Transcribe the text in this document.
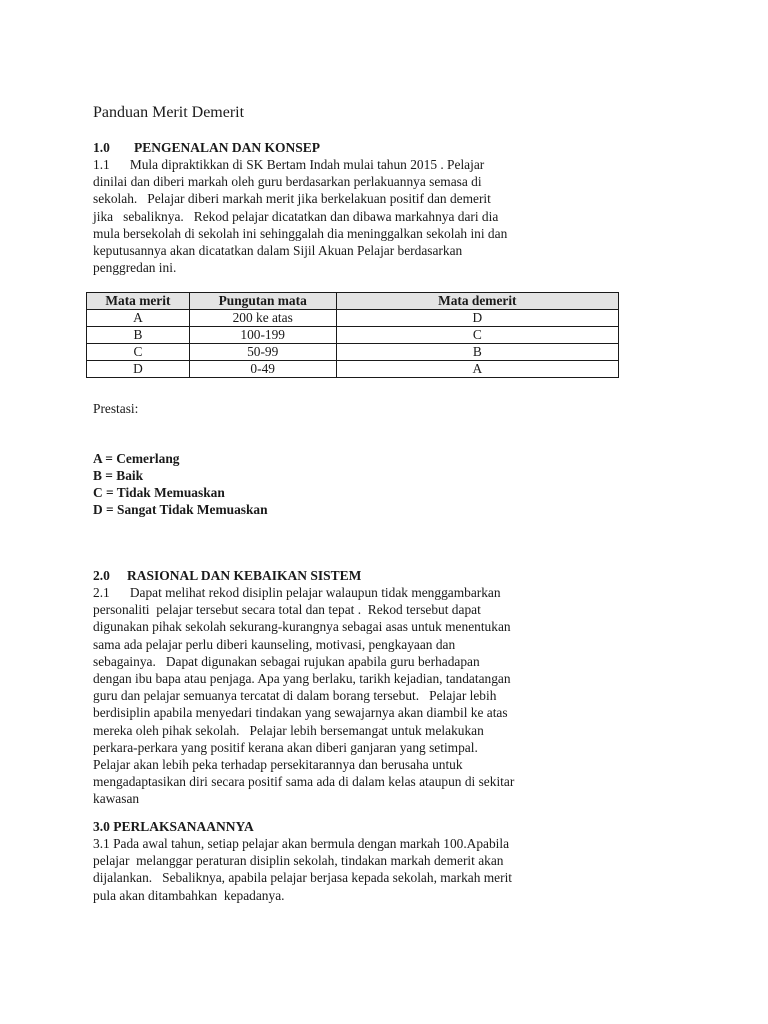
Panduan Merit Demerit
1.0 PENGENALAN DAN KONSEP
1.1      Mula dipraktikkan di SK Bertam Indah mulai tahun 2015 . Pelajar
dinilai dan diberi markah oleh guru berdasarkan perlakuannya semasa di
sekolah.   Pelajar diberi markah merit jika berkelakuan positif dan demerit
jika   sebaliknya.   Rekod pelajar dicatatkan dan dibawa markahnya dari dia
mula bersekolah di sekolah ini sehinggalah dia meninggalkan sekolah ini dan
keputusannya akan dicatatkan dalam Sijil Akuan Pelajar berdasarkan
penggredan ini.
Mata merit	Pungutan mata	Mata demerit
A	200 ke atas	D
B	100-199	C
C	50-99	B
D	0-49	A
Prestasi:
A = Cemerlang
B = Baik
C = Tidak Memuaskan
D = Sangat Tidak Memuaskan
2.0 RASIONAL DAN KEBAIKAN SISTEM
2.1      Dapat melihat rekod disiplin pelajar walaupun tidak menggambarkan
personaliti  pelajar tersebut secara total dan tepat .  Rekod tersebut dapat
digunakan pihak sekolah sekurang-kurangnya sebagai asas untuk menentukan
sama ada pelajar perlu diberi kaunseling, motivasi, pengkayaan dan
sebagainya.   Dapat digunakan sebagai rujukan apabila guru berhadapan
dengan ibu bapa atau penjaga. Apa yang berlaku, tarikh kejadian, tandatangan
guru dan pelajar semuanya tercatat di dalam borang tersebut.   Pelajar lebih
berdisiplin apabila menyedari tindakan yang sewajarnya akan diambil ke atas
mereka oleh pihak sekolah.   Pelajar lebih bersemangat untuk melakukan
perkara-perkara yang positif kerana akan diberi ganjaran yang setimpal.
Pelajar akan lebih peka terhadap persekitarannya dan berusaha untuk
mengadaptasikan diri secara positif sama ada di dalam kelas ataupun di sekitar
kawasan
3.0 PERLAKSANAANNYA
3.1 Pada awal tahun, setiap pelajar akan bermula dengan markah 100.Apabila
pelajar  melanggar peraturan disiplin sekolah, tindakan markah demerit akan
dijalankan.   Sebaliknya, apabila pelajar berjasa kepada sekolah, markah merit
pula akan ditambahkan  kepadanya.
